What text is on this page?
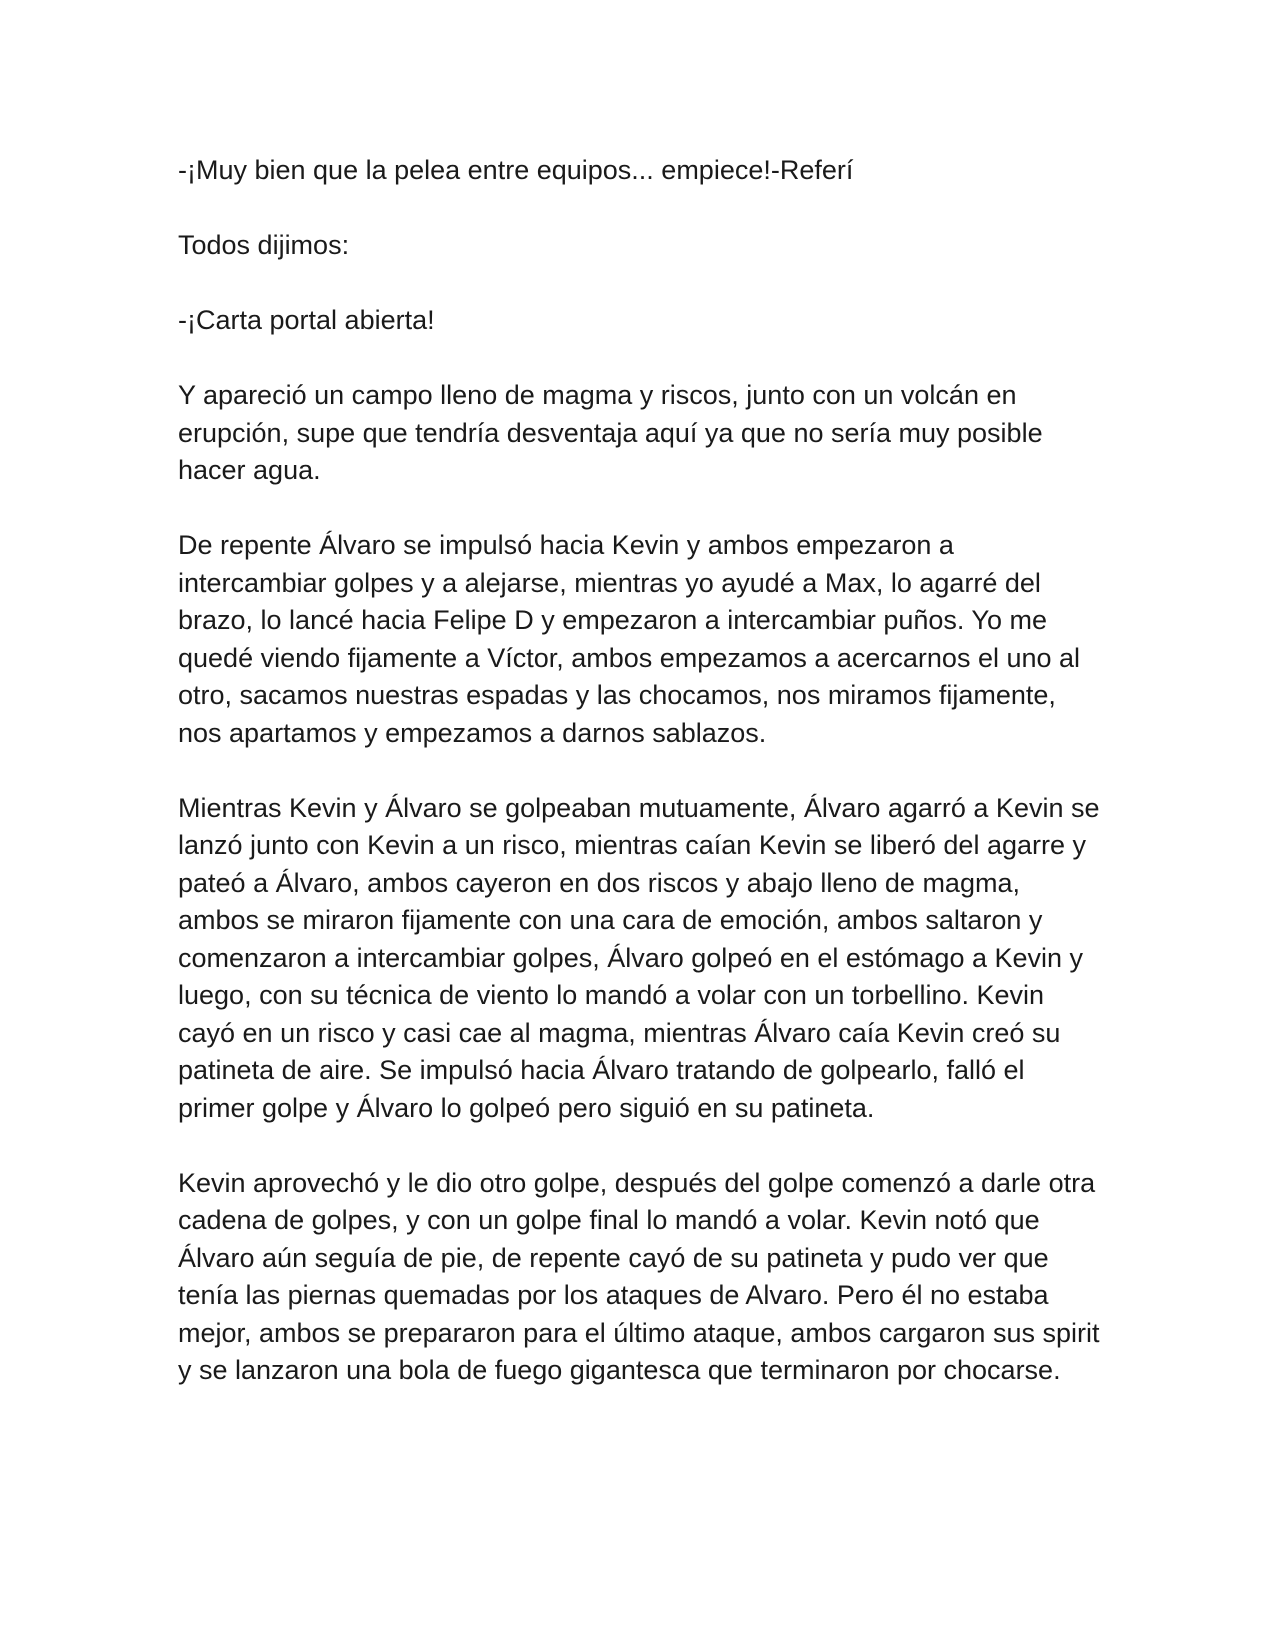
-¡Muy bien que la pelea entre equipos... empiece!-Referí

Todos dijimos:

-¡Carta portal abierta!

Y apareció un campo lleno de magma y riscos, junto con un volcán en erupción, supe que tendría desventaja aquí ya que no sería muy posible hacer agua.

De repente Álvaro se impulsó hacia Kevin y ambos empezaron a intercambiar golpes y a alejarse, mientras yo ayudé a Max, lo agarré del brazo, lo lancé hacia Felipe D y empezaron a intercambiar puños. Yo me quedé viendo fijamente a Víctor, ambos empezamos a acercarnos el uno al otro, sacamos nuestras espadas y las chocamos, nos miramos fijamente, nos apartamos y empezamos a darnos sablazos.

Mientras Kevin y Álvaro se golpeaban mutuamente, Álvaro agarró a Kevin se lanzó junto con Kevin a un risco, mientras caían Kevin se liberó del agarre y pateó a Álvaro, ambos cayeron en dos riscos y abajo lleno de magma, ambos se miraron fijamente con una cara de emoción, ambos saltaron y comenzaron a intercambiar golpes, Álvaro golpeó en el estómago a Kevin y luego, con su técnica de viento lo mandó a volar con un torbellino. Kevin cayó en un risco y casi cae al magma, mientras Álvaro caía Kevin creó su patineta de aire. Se impulsó hacia Álvaro tratando de golpearlo, falló el primer golpe y Álvaro lo golpeó pero siguió en su patineta.

Kevin aprovechó y le dio otro golpe, después del golpe comenzó a darle otra cadena de golpes, y con un golpe final lo mandó a volar. Kevin notó que Álvaro aún seguía de pie, de repente cayó de su patineta y pudo ver que tenía las piernas quemadas por los ataques de Alvaro. Pero él no estaba mejor, ambos se prepararon para el último ataque, ambos cargaron sus spirit y se lanzaron una bola de fuego gigantesca que terminaron por chocarse.
